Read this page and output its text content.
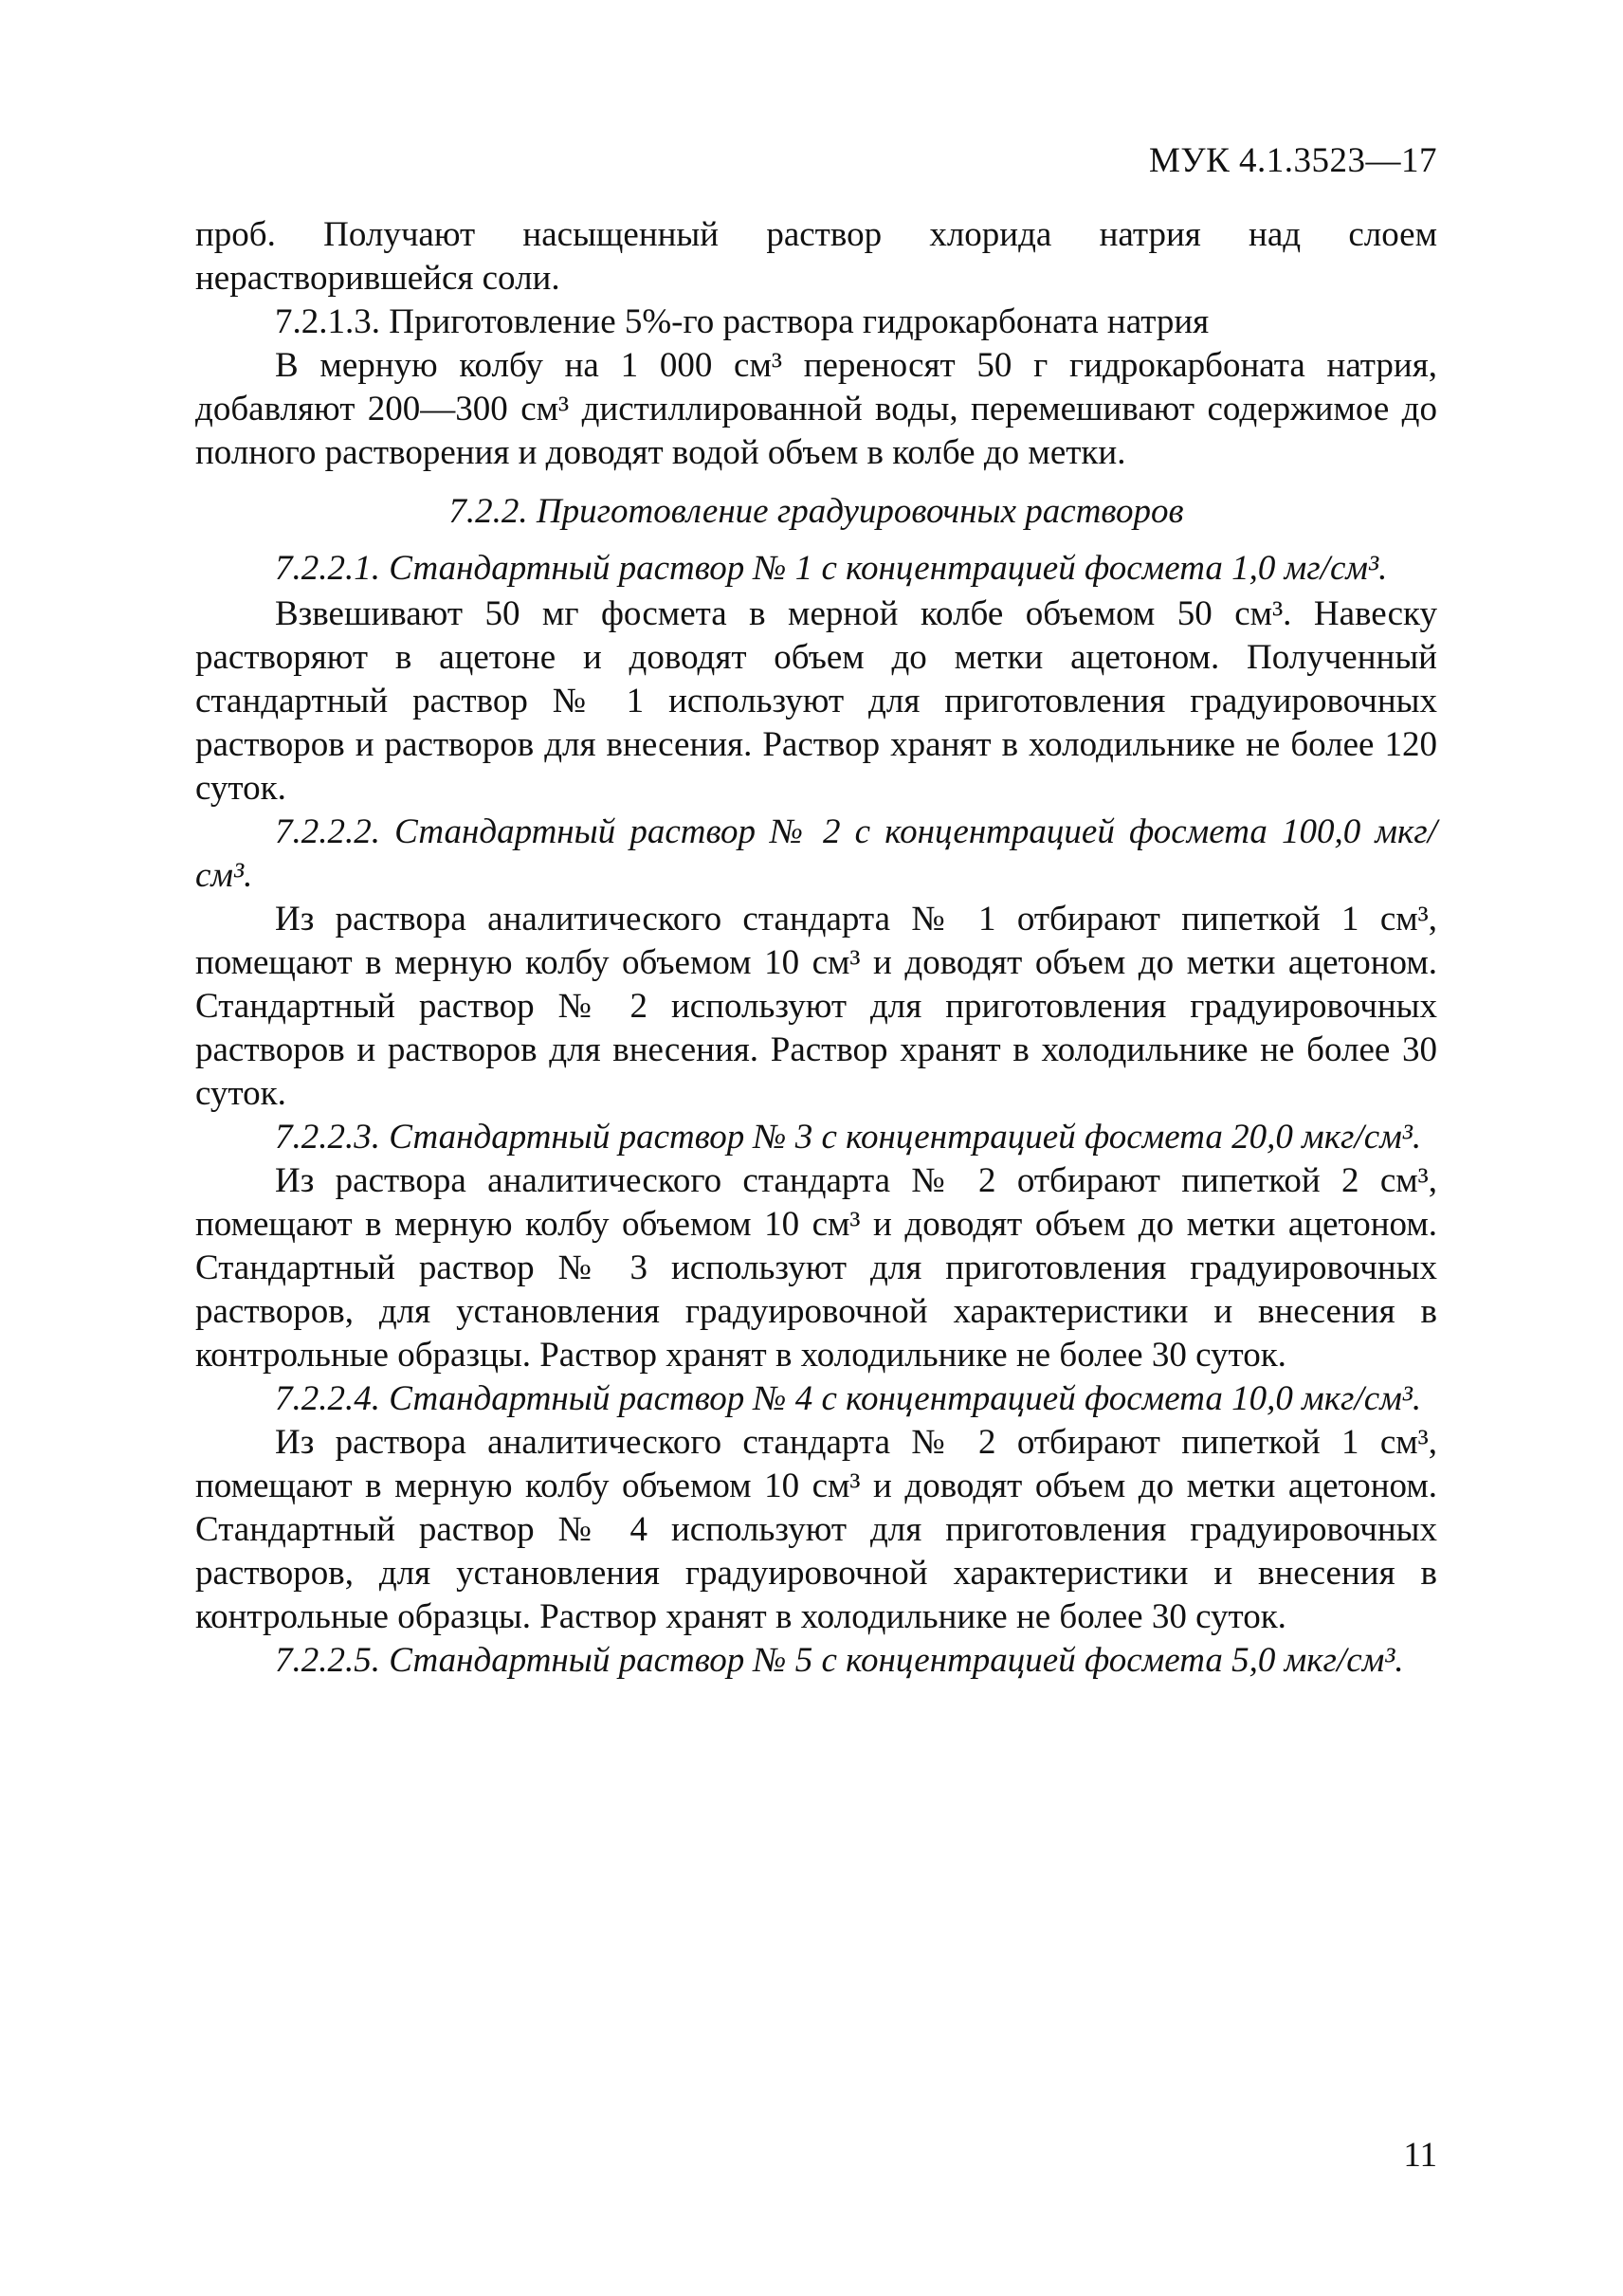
МУК 4.1.3523—17

проб. Получают насыщенный раствор хлорида натрия над слоем нерастворившейся соли.

7.2.1.3. Приготовление 5%-го раствора гидрокарбоната натрия

В мерную колбу на 1 000 см³ переносят 50 г гидрокарбоната натрия, добавляют 200—300 см³ дистиллированной воды, перемешивают содержимое до полного растворения и доводят водой объем в колбе до метки.

7.2.2. Приготовление градуировочных растворов

7.2.2.1. Стандартный раствор № 1 с концентрацией фосмета 1,0 мг/см³.

Взвешивают 50 мг фосмета в мерной колбе объемом 50 см³. Навеску растворяют в ацетоне и доводят объем до метки ацетоном. Полученный стандартный раствор № 1 используют для приготовления градуировочных растворов и растворов для внесения. Раствор хранят в холодильнике не более 120 суток.

7.2.2.2. Стандартный раствор № 2 с концентрацией фосмета 100,0 мкг/см³.

Из раствора аналитического стандарта № 1 отбирают пипеткой 1 см³, помещают в мерную колбу объемом 10 см³ и доводят объем до метки ацетоном. Стандартный раствор № 2 используют для приготовления градуировочных растворов и растворов для внесения. Раствор хранят в холодильнике не более 30 суток.

7.2.2.3. Стандартный раствор № 3 с концентрацией фосмета 20,0 мкг/см³.

Из раствора аналитического стандарта № 2 отбирают пипеткой 2 см³, помещают в мерную колбу объемом 10 см³ и доводят объем до метки ацетоном. Стандартный раствор № 3 используют для приготовления градуировочных растворов, для установления градуировочной характеристики и внесения в контрольные образцы. Раствор хранят в холодильнике не более 30 суток.

7.2.2.4. Стандартный раствор № 4 с концентрацией фосмета 10,0 мкг/см³.

Из раствора аналитического стандарта № 2 отбирают пипеткой 1 см³, помещают в мерную колбу объемом 10 см³ и доводят объем до метки ацетоном. Стандартный раствор № 4 используют для приготовления градуировочных растворов, для установления градуировочной характеристики и внесения в контрольные образцы. Раствор хранят в холодильнике не более 30 суток.

7.2.2.5. Стандартный раствор № 5 с концентрацией фосмета 5,0 мкг/см³.

11
